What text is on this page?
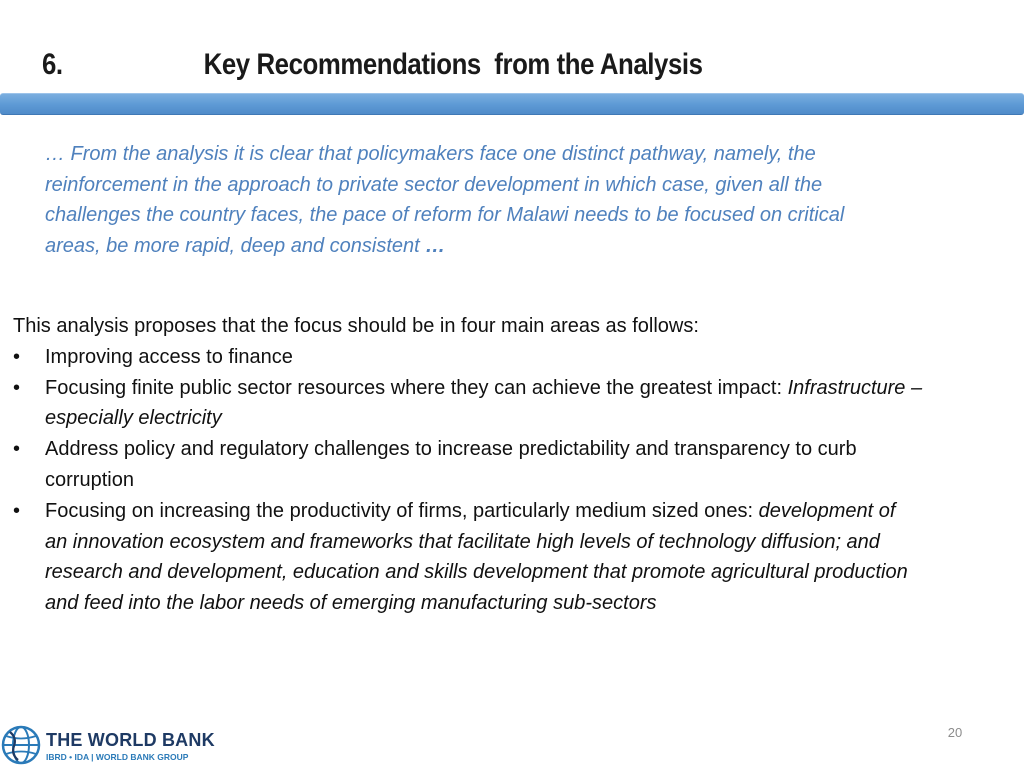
6.	Key Recommendations  from the Analysis
… From the analysis it is clear that policymakers face one distinct pathway, namely, the reinforcement in the approach to private sector development in which case, given all the challenges the country faces, the pace of reform for Malawi needs to be focused on critical areas, be more rapid, deep and consistent …

This analysis proposes that the focus should be in four main areas as follows:

•	Improving access to finance
•	Focusing finite public sector resources where they can achieve the greatest impact: Infrastructure – especially electricity
•	Address policy and regulatory challenges to increase predictability and transparency to curb corruption
•	Focusing on increasing the productivity of firms, particularly medium sized ones: development of an innovation ecosystem and frameworks that facilitate high levels of technology diffusion; and research and development, education and skills development that promote agricultural production and feed into the labor needs of emerging manufacturing sub-sectors
THE WORLD BANK
IBRD • IDA | WORLD BANK GROUP
20
